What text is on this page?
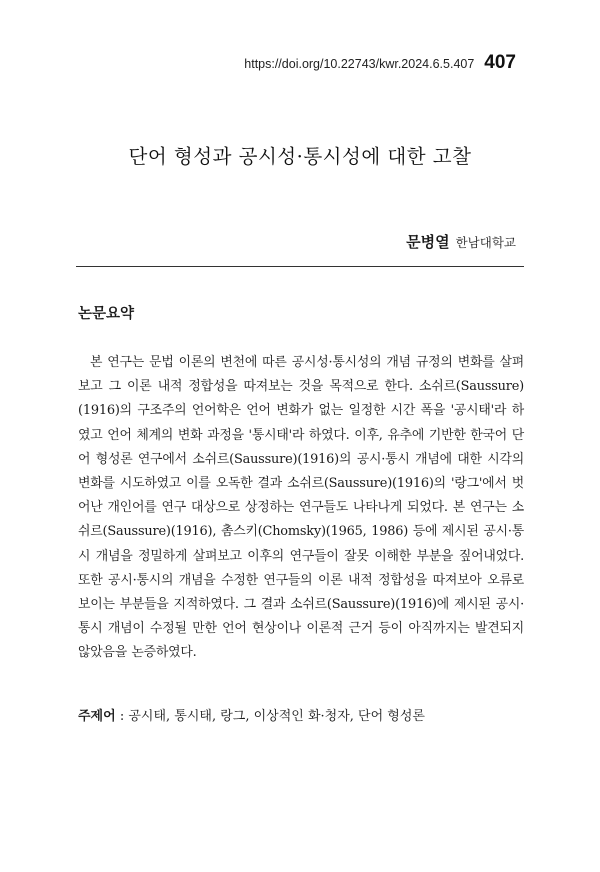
https://doi.org/10.22743/kwr.2024.6.5.407 407
단어 형성과 공시성·통시성에 대한 고찰
문병열 한남대학교
논문요약

본 연구는 문법 이론의 변천에 따른 공시성·통시성의 개념 규정의 변화를 살펴보고 그 이론 내적 정합성을 따져보는 것을 목적으로 한다. 소쉬르(Saussure)(1916)의 구조주의 언어학은 언어 변화가 없는 일정한 시간 폭을 '공시태'라 하였고 언어 체계의 변화 과정을 '통시태'라 하였다. 이후, 유추에 기반한 한국어 단어 형성론 연구에서 소쉬르(Saussure)(1916)의 공시·통시 개념에 대한 시각의 변화를 시도하였고 이를 오독한 결과 소쉬르(Saussure)(1916)의 '랑그'에서 벗어난 개인어를 연구 대상으로 상정하는 연구들도 나타나게 되었다. 본 연구는 소쉬르(Saussure)(1916), 촘스키(Chomsky)(1965, 1986) 등에 제시된 공시·통시 개념을 정밀하게 살펴보고 이후의 연구들이 잘못 이해한 부분을 짚어내었다. 또한 공시·통시의 개념을 수정한 연구들의 이론 내적 정합성을 따져보아 오류로 보이는 부분들을 지적하였다. 그 결과 소쉬르(Saussure)(1916)에 제시된 공시·통시 개념이 수정될 만한 언어 현상이나 이론적 근거 등이 아직까지는 발견되지 않았음을 논증하였다.

주제어 : 공시태, 통시태, 랑그, 이상적인 화·청자, 단어 형성론
